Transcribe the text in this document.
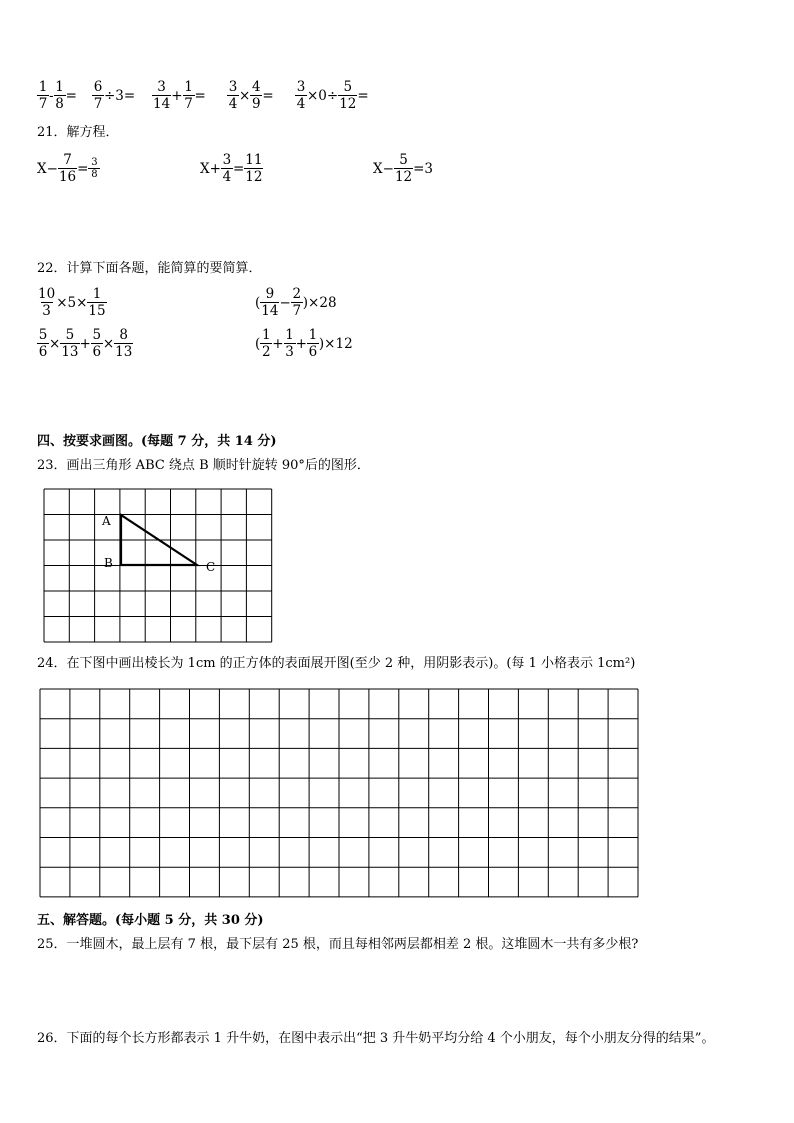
$\frac{1}{7} - \frac{1}{8} = \frac{6}{7} \div 3= \frac{3}{14} + \frac{1}{7} = \frac{3}{4} \times \frac{4}{9} = \frac{3}{4} \times 0\div \frac{5}{12}$ =
21．解方程．
$X- \frac{7}{16} = \frac{3}{8}$	$X+ \frac{3}{4} = \frac{11}{12}$	$X- \frac{5}{12} =3$
22．计算下面各题，能简算的要简算．
$\frac{10}{3} \times 5\times \frac{1}{15}$	( $\frac{9}{14} - \frac{2}{7} )\times 28$
$\frac{5}{6} \times \frac{5}{13} + \frac{5}{6} \times \frac{8}{13}$	( $\frac{1}{2} + \frac{1}{3} + \frac{1}{6} )\times 12$
四、按要求画图。(每题 7 分，共 14 分)
23．画出三角形 ABC 绕点 B 顺时针旋转 90°后的图形．
A
B	C
24．在下图中画出棱长为 1cm 的正方体的表面展开图(至少 2 种，用阴影表示)。(每 1 小格表示 1cm²)
五、解答题。(每小题 5 分，共 30 分)
25．一堆圆木，最上层有 7 根，最下层有 25 根，而且每相邻两层都相差 2 根。这堆圆木一共有多少根?
26．下面的每个长方形都表示 1 升牛奶，在图中表示出“把 3 升牛奶平均分给 4 个小朋友，每个小朋友分得的结果”。
